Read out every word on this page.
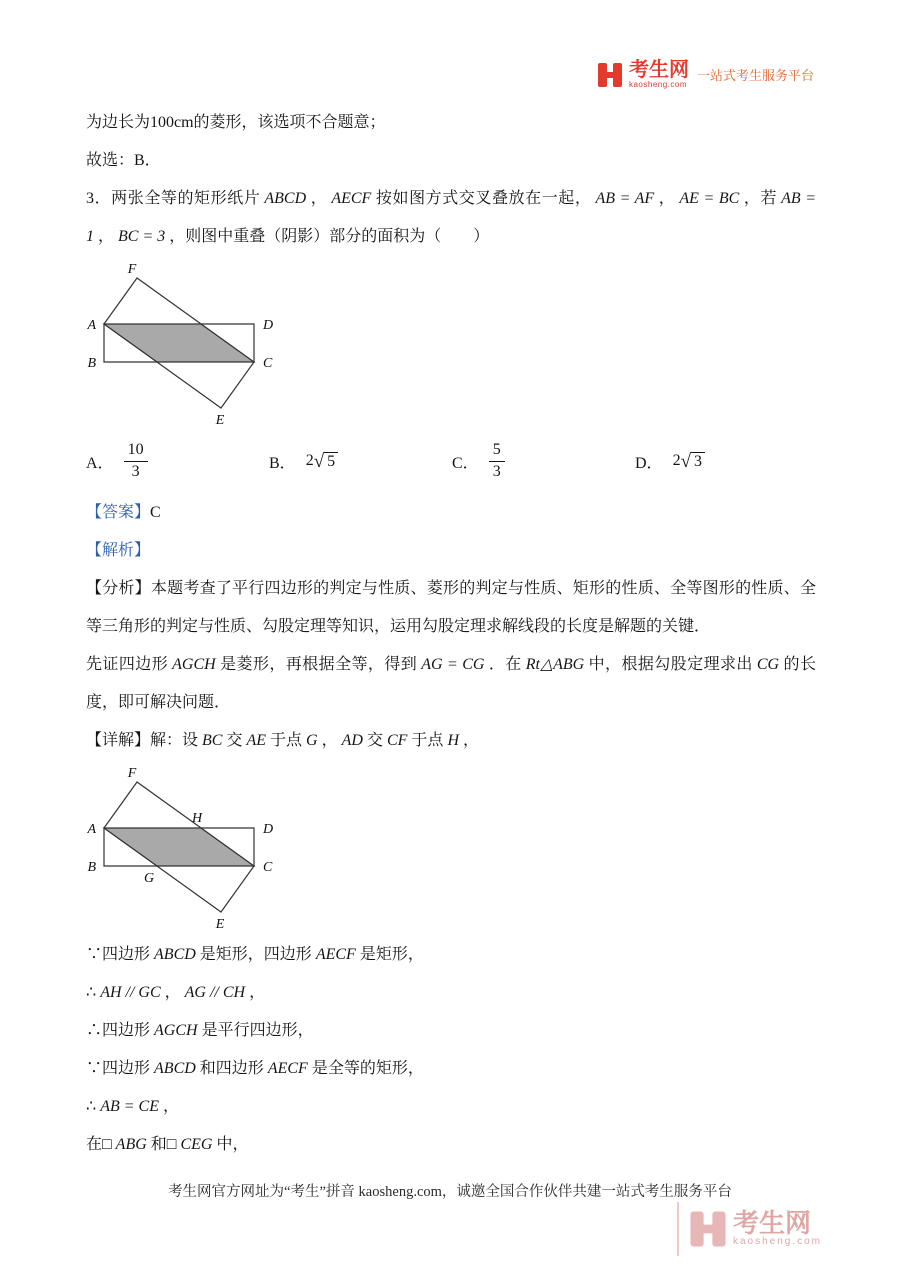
考生网
kaosheng.com
一站式考生服务平台

为边长为100cm的菱形，该选项不合题意；

故选：B．

3．两张全等的矩形纸片 ABCD ， AECF 按如图方式交叉叠放在一起， AB = AF ， AE = BC ，若 AB = 1 ， BC = 3 ，则图中重叠（阴影）部分的面积为（　　）

F
A	D
B	C
E
A． $\frac{10}{3}$	B． 2 √ 5	C． $\frac{5}{3}$	D． 2 √ 3

【答案】C

【解析】

【分析】本题考查了平行四边形的判定与性质、菱形的判定与性质、矩形的性质、全等图形的性质、全等三角形的判定与性质、勾股定理等知识，运用勾股定理求解线段的长度是解题的关键．

先证四边形 AGCH 是菱形，再根据全等，得到 AG = CG ．在 Rt△ABG 中，根据勾股定理求出 CG 的长度，即可解决问题．

【详解】解：设 BC 交 AE 于点 G ， AD 交 CF 于点 H ，

F
H
A	D
B
G
C
E

∵四边形 ABCD 是矩形，四边形 AECF 是矩形，

∴ AH // GC ， AG // CH ，

∴四边形 AGCH 是平行四边形，

∵四边形 ABCD 和四边形 AECF 是全等的矩形，

∴ AB = CE ，

在□ ABG 和□ CEG 中，

考生网官方网址为“考生”拼音 kaosheng.com，诚邀全国合作伙伴共建一站式考生服务平台
考生网
kaosheng.com
